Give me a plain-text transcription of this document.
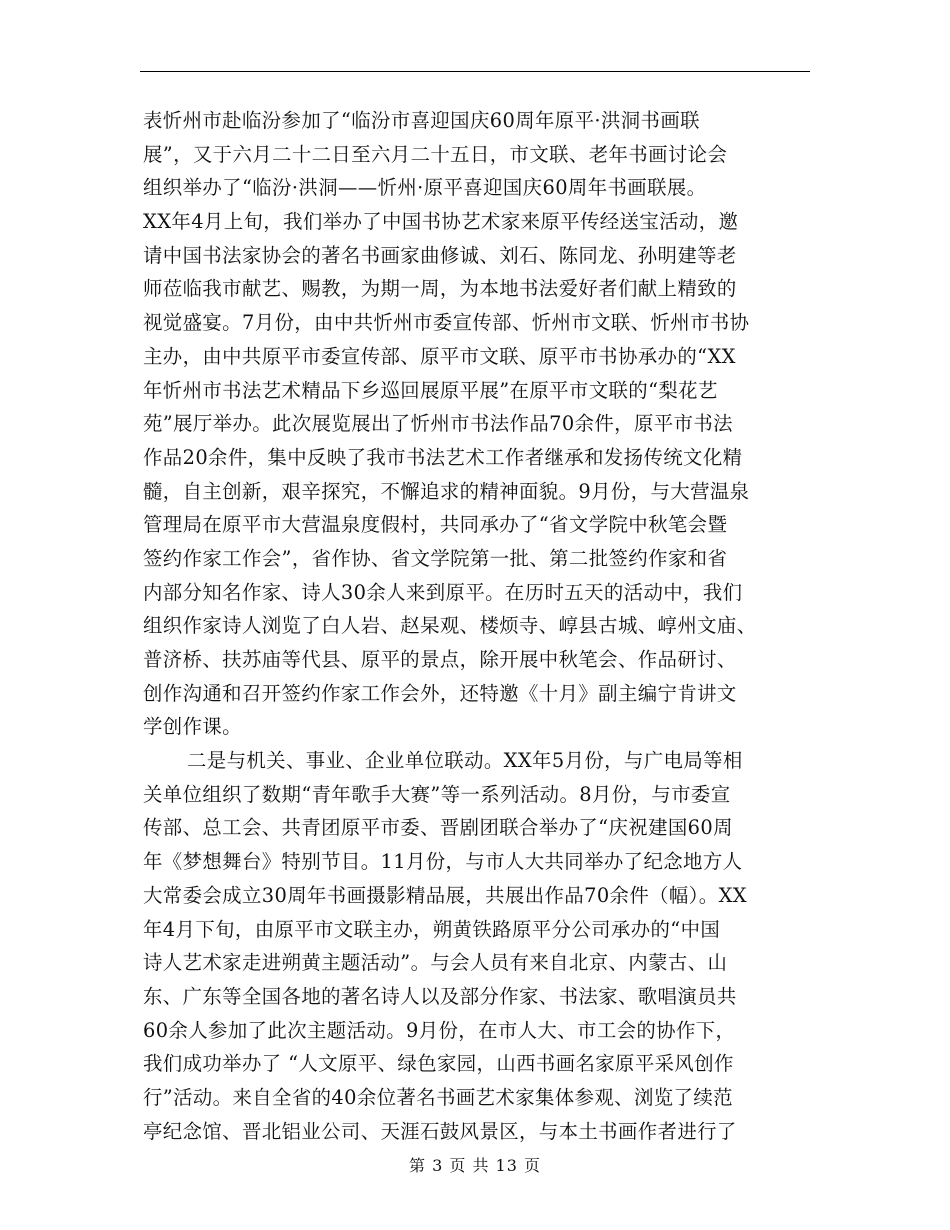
表忻州市赴临汾参加了“临汾市喜迎国庆60周年原平·洪洞书画联
展”，又于六月二十二日至六月二十五日，市文联、老年书画讨论会
组织举办了“临汾·洪洞——忻州·原平喜迎国庆60周年书画联展。
XX年4月上旬，我们举办了中国书协艺术家来原平传经送宝活动，邀
请中国书法家协会的著名书画家曲修诚、刘石、陈同龙、孙明建等老
师莅临我市献艺、赐教，为期一周，为本地书法爱好者们献上精致的
视觉盛宴。7月份，由中共忻州市委宣传部、忻州市文联、忻州市书协
主办，由中共原平市委宣传部、原平市文联、原平市书协承办的“XX
年忻州市书法艺术精品下乡巡回展原平展”在原平市文联的“梨花艺
苑”展厅举办。此次展览展出了忻州市书法作品70余件，原平市书法
作品20余件，集中反映了我市书法艺术工作者继承和发扬传统文化精
髓，自主创新，艰辛探究，不懈追求的精神面貌。9月份，与大营温泉
管理局在原平市大营温泉度假村，共同承办了“省文学院中秋笔会暨
签约作家工作会”，省作协、省文学院第一批、第二批签约作家和省
内部分知名作家、诗人30余人来到原平。在历时五天的活动中，我们
组织作家诗人浏览了白人岩、赵杲观、楼烦寺、崞县古城、崞州文庙、
普济桥、扶苏庙等代县、原平的景点，除开展中秋笔会、作品研讨、
创作沟通和召开签约作家工作会外，还特邀《十月》副主编宁肯讲文
学创作课。
二是与机关、事业、企业单位联动。XX年5月份，与广电局等相
关单位组织了数期“青年歌手大赛”等一系列活动。8月份，与市委宣
传部、总工会、共青团原平市委、晋剧团联合举办了“庆祝建国60周
年《梦想舞台》特别节目。11月份，与市人大共同举办了纪念地方人
大常委会成立30周年书画摄影精品展，共展出作品70余件（幅）。XX
年4月下旬，由原平市文联主办，朔黄铁路原平分公司承办的“中国
诗人艺术家走进朔黄主题活动”。与会人员有来自北京、内蒙古、山
东、广东等全国各地的著名诗人以及部分作家、书法家、歌唱演员共
60余人参加了此次主题活动。9月份，在市人大、市工会的协作下，
我们成功举办了 “人文原平、绿色家园，山西书画名家原平采风创作
行”活动。来自全省的40余位著名书画艺术家集体参观、浏览了续范
亭纪念馆、晋北铝业公司、天涯石鼓风景区，与本土书画作者进行了
第 3 页 共 13 页
